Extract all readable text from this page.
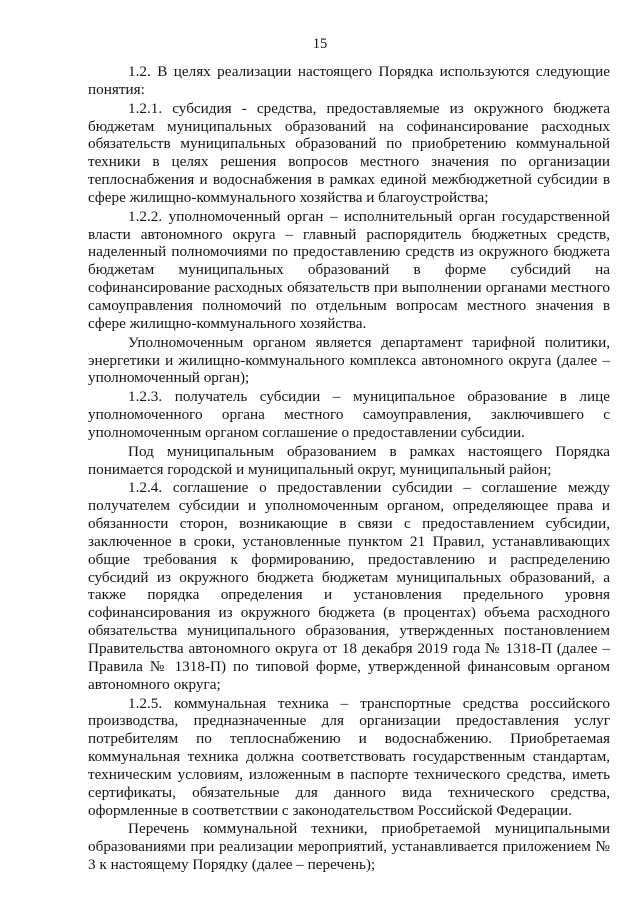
15

1.2. В целях реализации настоящего Порядка используются следующие понятия:

1.2.1. субсидия - средства, предоставляемые из окружного бюджета бюджетам муниципальных образований на софинансирование расходных обязательств муниципальных образований по приобретению коммунальной техники в целях решения вопросов местного значения по организации теплоснабжения и водоснабжения в рамках единой межбюджетной субсидии в сфере жилищно-коммунального хозяйства и благоустройства;

1.2.2. уполномоченный орган – исполнительный орган государственной власти автономного округа – главный распорядитель бюджетных средств, наделенный полномочиями по предоставлению средств из окружного бюджета бюджетам муниципальных образований в форме субсидий на софинансирование расходных обязательств при выполнении органами местного самоуправления полномочий по отдельным вопросам местного значения в сфере жилищно-коммунального хозяйства.

Уполномоченным органом является департамент тарифной политики, энергетики и жилищно-коммунального комплекса автономного округа (далее – уполномоченный орган);

1.2.3. получатель субсидии – муниципальное образование в лице уполномоченного органа местного самоуправления, заключившего с уполномоченным органом соглашение о предоставлении субсидии.

Под муниципальным образованием в рамках настоящего Порядка понимается городской и муниципальный округ, муниципальный район;

1.2.4. соглашение о предоставлении субсидии – соглашение между получателем субсидии и уполномоченным органом, определяющее права и обязанности сторон, возникающие в связи с предоставлением субсидии, заключенное в сроки, установленные пунктом 21 Правил, устанавливающих общие требования к формированию, предоставлению и распределению субсидий из окружного бюджета бюджетам муниципальных образований, а также порядка определения и установления предельного уровня софинансирования из окружного бюджета (в процентах) объема расходного обязательства муниципального образования, утвержденных постановлением Правительства автономного округа от 18 декабря 2019 года № 1318-П (далее – Правила № 1318-П) по типовой форме, утвержденной финансовым органом автономного округа;

1.2.5. коммунальная техника – транспортные средства российского производства, предназначенные для организации предоставления услуг потребителям по теплоснабжению и водоснабжению. Приобретаемая коммунальная техника должна соответствовать государственным стандартам, техническим условиям, изложенным в паспорте технического средства, иметь сертификаты, обязательные для данного вида технического средства, оформленные в соответствии с законодательством Российской Федерации.

Перечень коммунальной техники, приобретаемой муниципальными образованиями при реализации мероприятий, устанавливается приложением № 3 к настоящему Порядку (далее – перечень);
